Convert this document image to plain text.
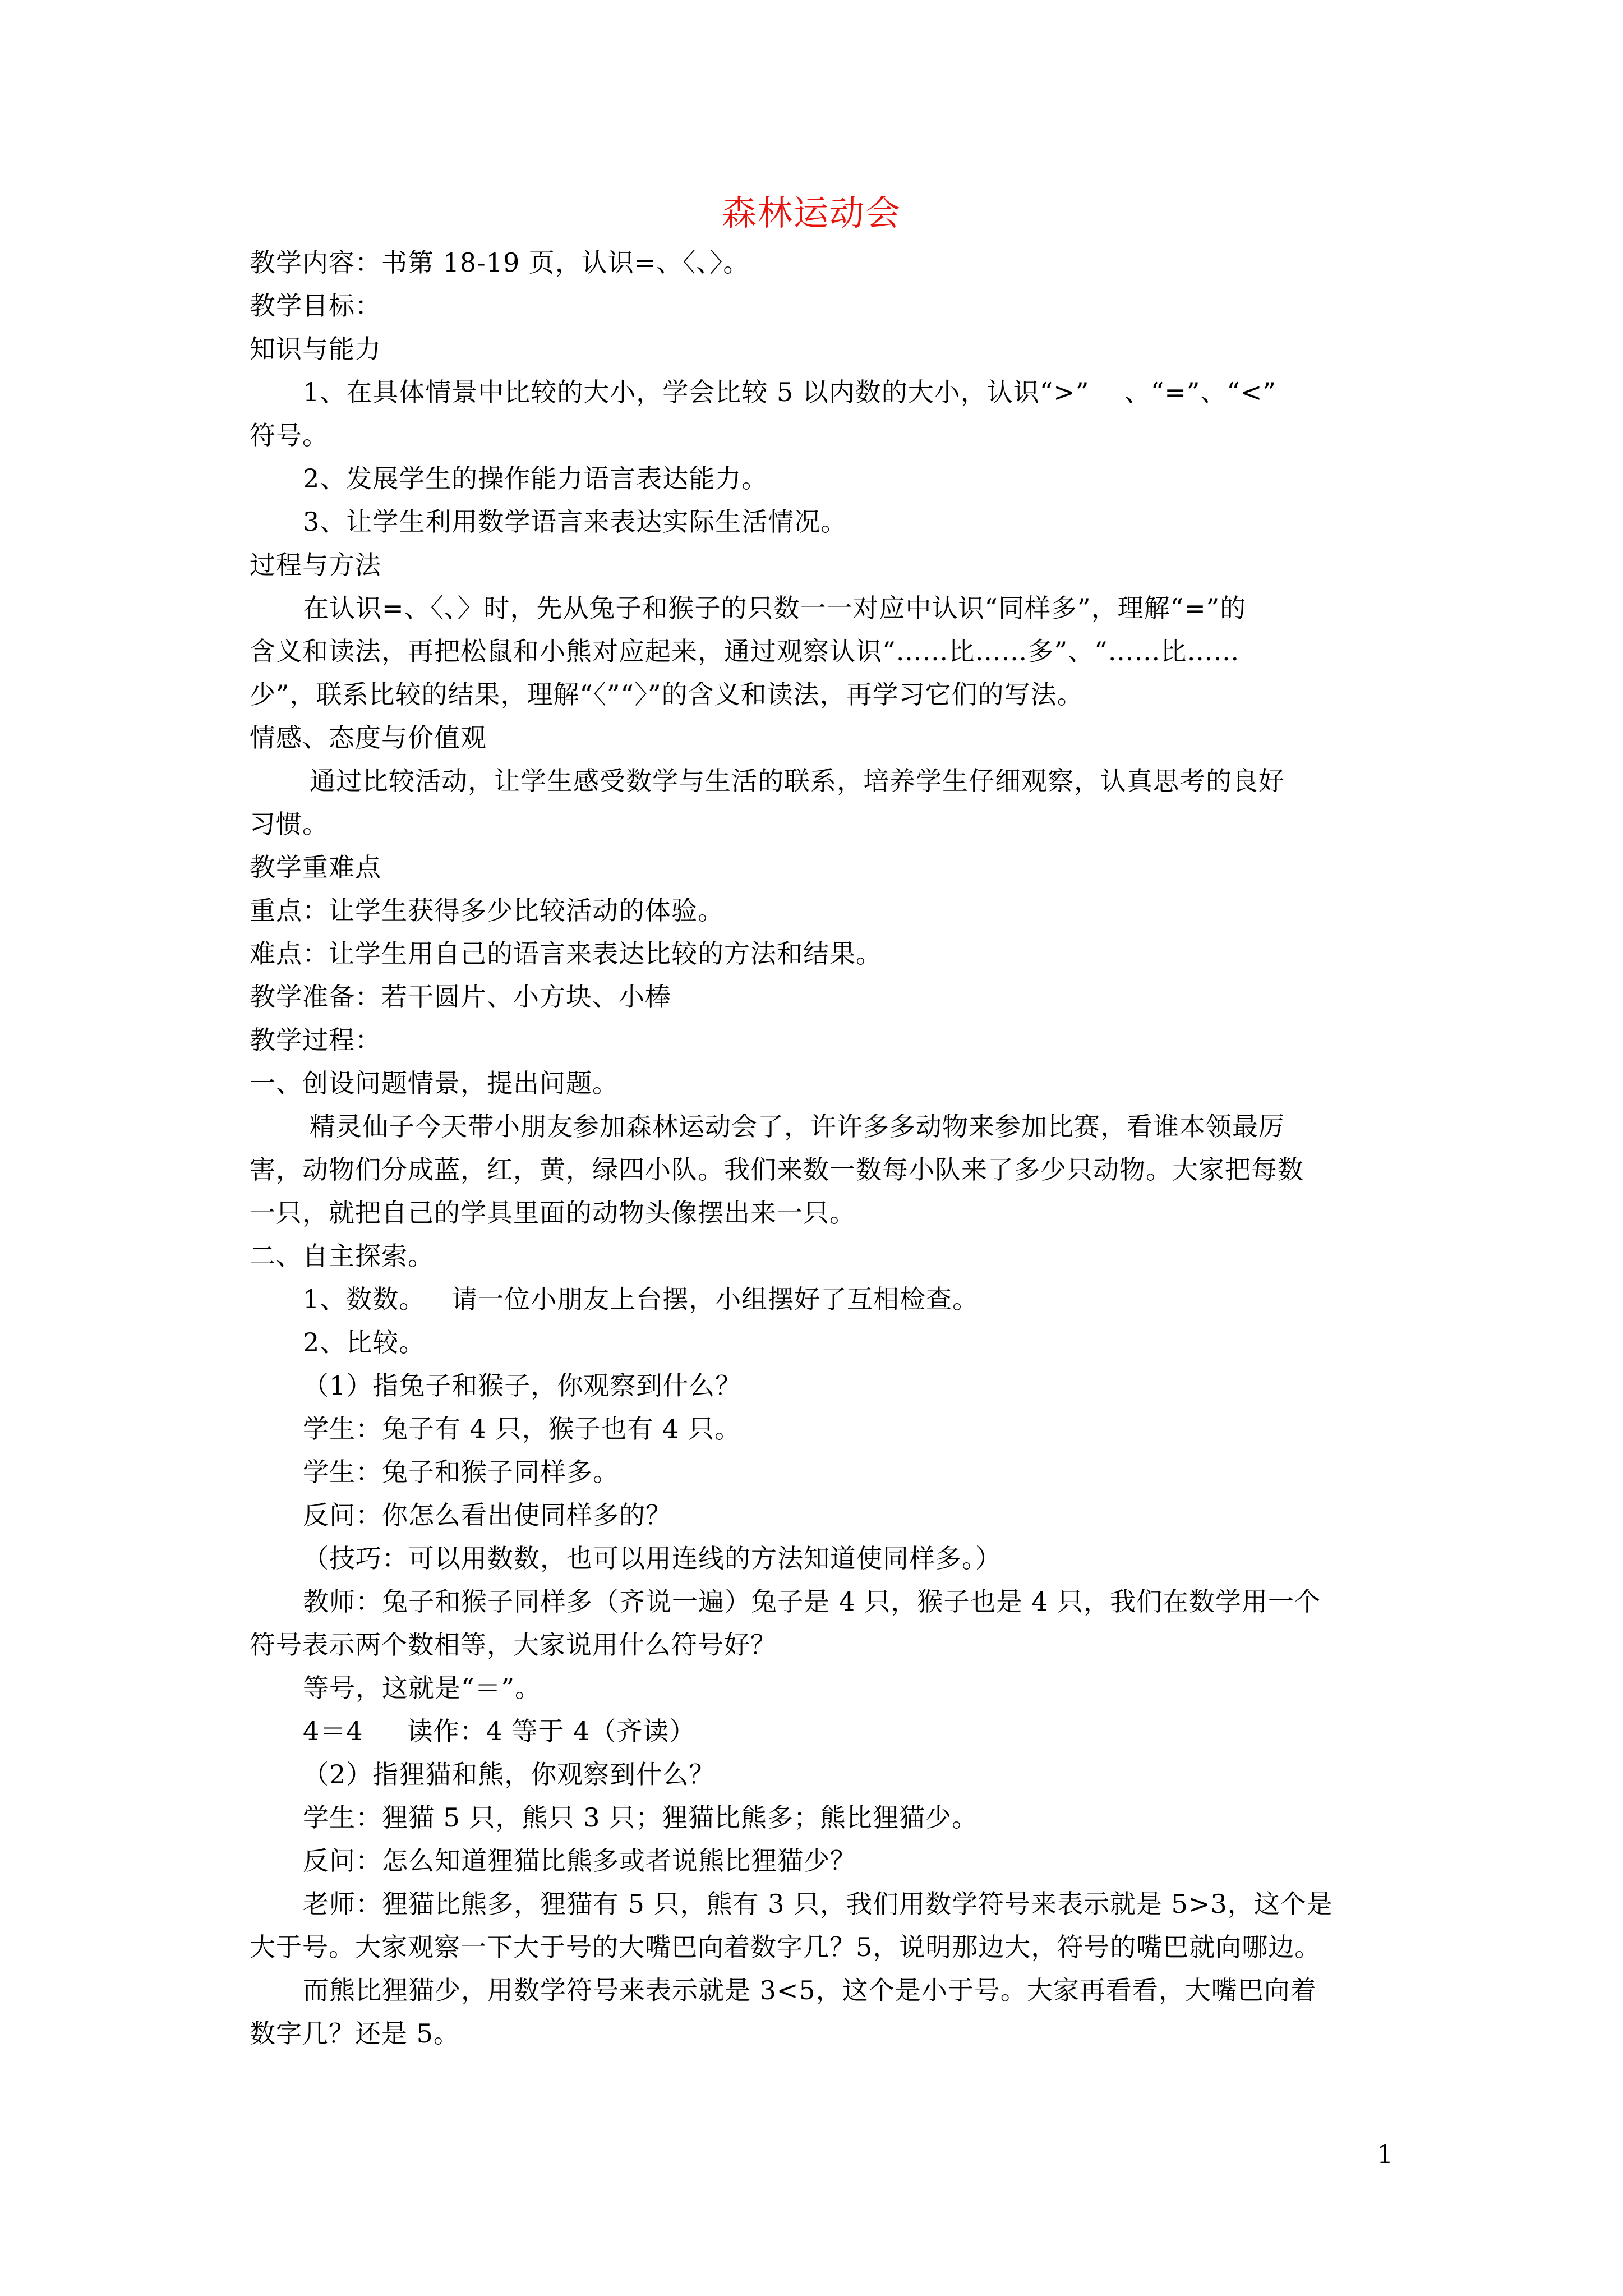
森林运动会
教学内容：书第 18-19 页，认识=、〈、〉。
教学目标：
知识与能力
1、在具体情景中比较的大小，学会比较 5 以内数的大小，认识“>”    、“=”、“<”
符号。
2、发展学生的操作能力语言表达能力。
3、让学生利用数学语言来表达实际生活情况。
过程与方法
在认识=、〈、〉时，先从兔子和猴子的只数一一对应中认识“同样多”，理解“=”的
含义和读法，再把松鼠和小熊对应起来，通过观察认识“……比……多”、“……比……
少”，联系比较的结果，理解“〈”“〉”的含义和读法，再学习它们的写法。
情感、态度与价值观
通过比较活动，让学生感受数学与生活的联系，培养学生仔细观察，认真思考的良好
习惯。
教学重难点
重点：让学生获得多少比较活动的体验。
难点：让学生用自己的语言来表达比较的方法和结果。
教学准备：若干圆片、小方块、小棒
教学过程：
一、创设问题情景，提出问题。
精灵仙子今天带小朋友参加森林运动会了，许许多多动物来参加比赛，看谁本领最厉
害，动物们分成蓝，红，黄，绿四小队。我们来数一数每小队来了多少只动物。大家把每数
一只，就把自己的学具里面的动物头像摆出来一只。
二、自主探索。
1、数数。   请一位小朋友上台摆，小组摆好了互相检查。
2、比较。
（1）指兔子和猴子，你观察到什么？
学生：兔子有 4 只，猴子也有 4 只。
学生：兔子和猴子同样多。
反问：你怎么看出使同样多的？
（技巧：可以用数数，也可以用连线的方法知道使同样多。）
教师：兔子和猴子同样多（齐说一遍）兔子是 4 只，猴子也是 4 只，我们在数学用一个
符号表示两个数相等，大家说用什么符号好？
等号，这就是“＝”。
4＝4     读作：4 等于 4（齐读）
（2）指狸猫和熊，你观察到什么？
学生：狸猫 5 只，熊只 3 只；狸猫比熊多；熊比狸猫少。
反问：怎么知道狸猫比熊多或者说熊比狸猫少？
老师：狸猫比熊多，狸猫有 5 只，熊有 3 只，我们用数学符号来表示就是 5>3，这个是
大于号。大家观察一下大于号的大嘴巴向着数字几？5，说明那边大，符号的嘴巴就向哪边。
而熊比狸猫少，用数学符号来表示就是 3<5，这个是小于号。大家再看看，大嘴巴向着
数字几？还是 5。
1
